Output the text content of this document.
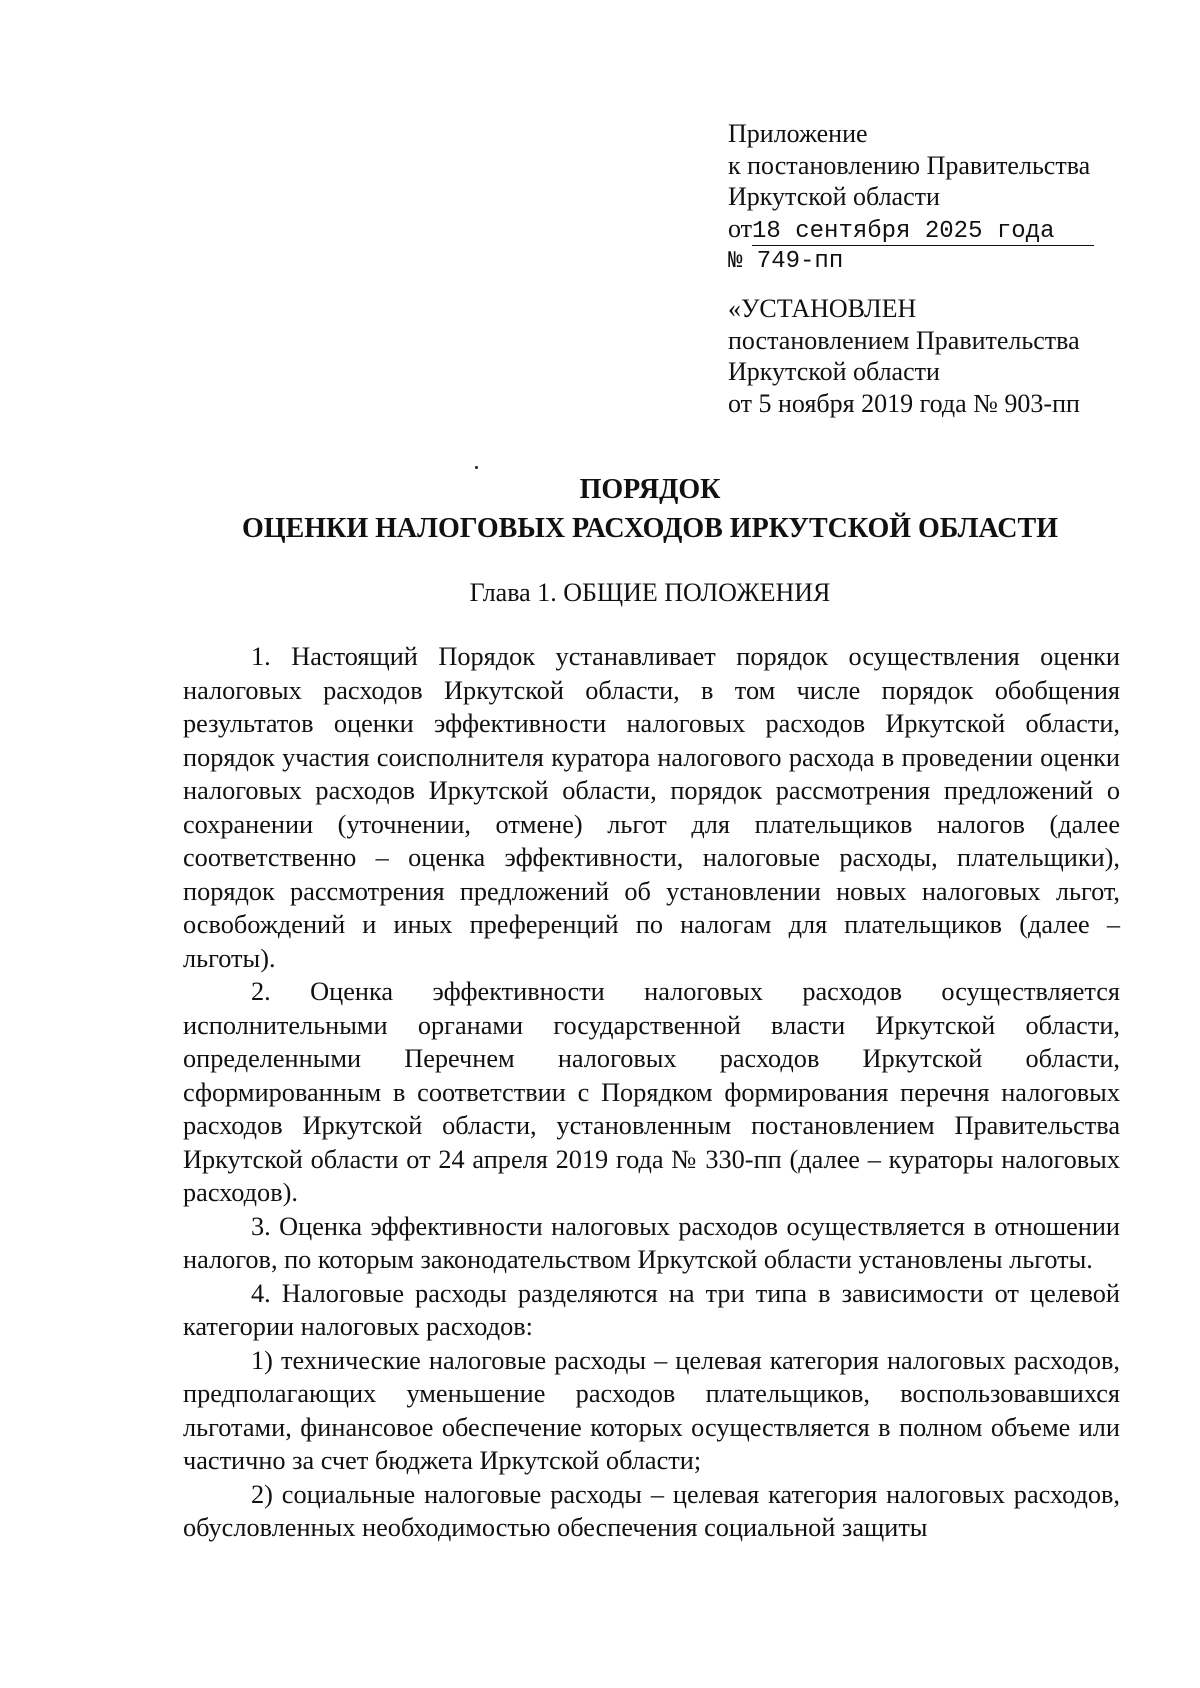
Приложение
к постановлению Правительства
Иркутской области
от18 сентября 2025 года
№ 749-пп
«УСТАНОВЛЕН
постановлением Правительства
Иркутской области
от 5 ноября 2019 года № 903-пп
ПОРЯДОК
ОЦЕНКИ НАЛОГОВЫХ РАСХОДОВ ИРКУТСКОЙ ОБЛАСТИ
Глава 1. ОБЩИЕ ПОЛОЖЕНИЯ

1. Настоящий Порядок устанавливает порядок осуществления оценки налоговых расходов Иркутской области, в том числе порядок обобщения результатов оценки эффективности налоговых расходов Иркутской области, порядок участия соисполнителя куратора налогового расхода в проведении оценки налоговых расходов Иркутской области, порядок рассмотрения предложений о сохранении (уточнении, отмене) льгот для плательщиков налогов (далее соответственно – оценка эффективности, налоговые расходы, плательщики), порядок рассмотрения предложений об установлении новых налоговых льгот, освобождений и иных преференций по налогам для плательщиков (далее – льготы).

2. Оценка эффективности налоговых расходов осуществляется исполнительными органами государственной власти Иркутской области, определенными Перечнем налоговых расходов Иркутской области, сформированным в соответствии с Порядком формирования перечня налоговых расходов Иркутской области, установленным постановлением Правительства Иркутской области от 24 апреля 2019 года № 330-пп (далее – кураторы налоговых расходов).

3. Оценка эффективности налоговых расходов осуществляется в отношении налогов, по которым законодательством Иркутской области установлены льготы.

4. Налоговые расходы разделяются на три типа в зависимости от целевой категории налоговых расходов:

1) технические налоговые расходы – целевая категория налоговых расходов, предполагающих уменьшение расходов плательщиков, воспользовавшихся льготами, финансовое обеспечение которых осуществляется в полном объеме или частично за счет бюджета Иркутской области;

2) социальные налоговые расходы – целевая категория налоговых расходов, обусловленных необходимостью обеспечения социальной защиты
